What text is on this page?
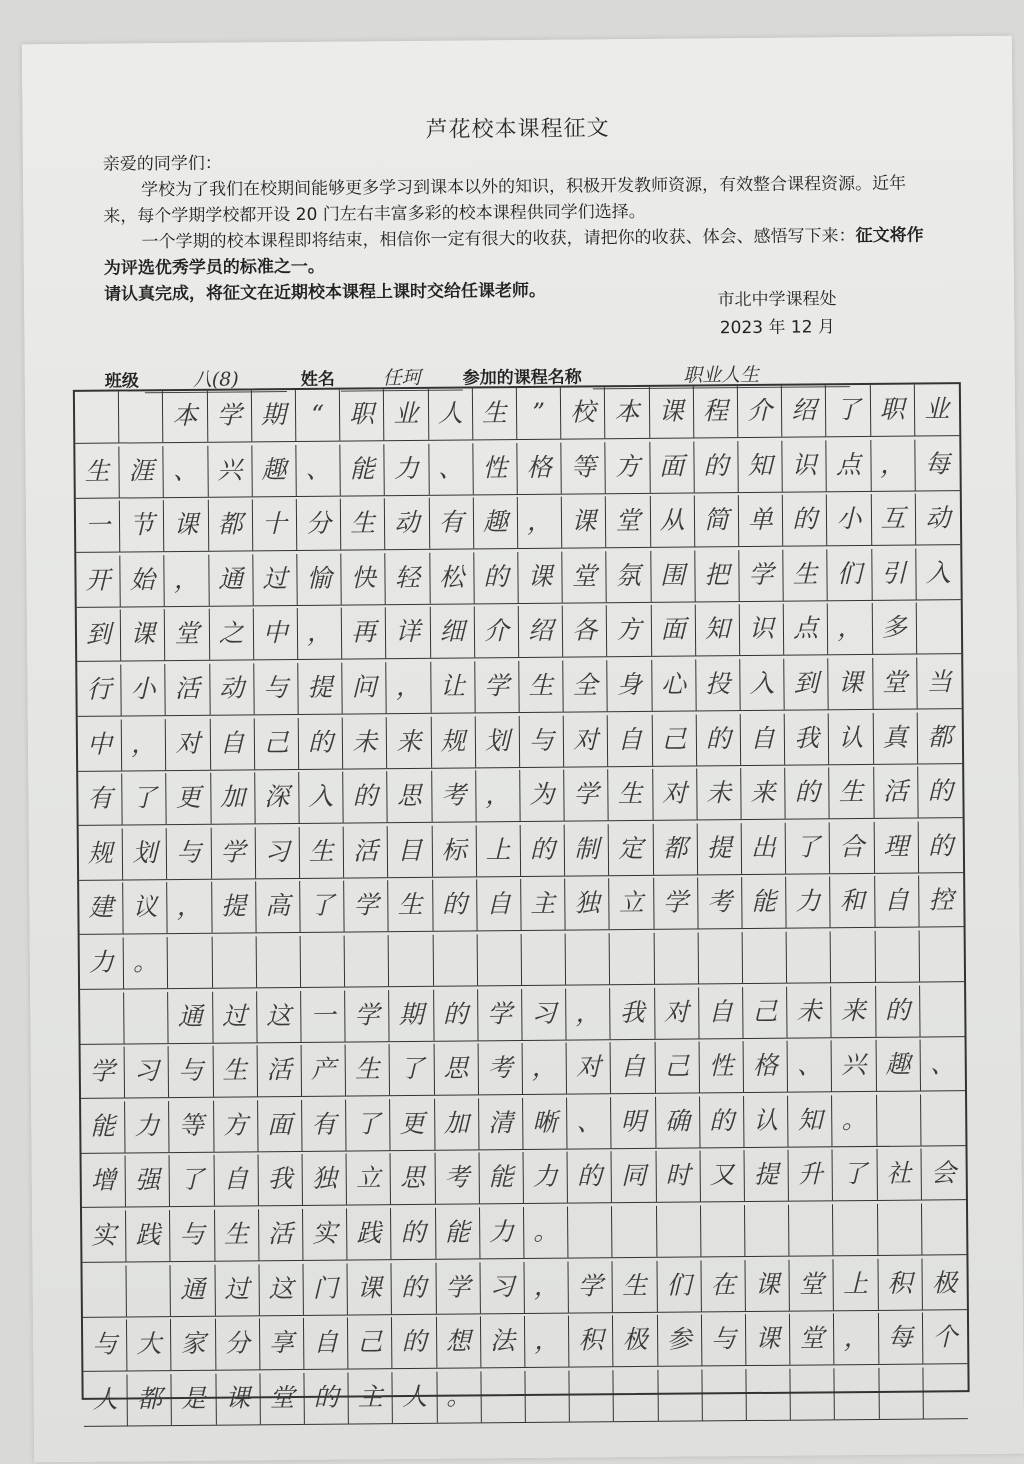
芦花校本课程征文

亲爱的同学们：

学校为了我们在校期间能够更多学习到课本以外的知识，积极开发教师资源，有效整合课程资源。近年来，每个学期学校都开设 20 门左右丰富多彩的校本课程供同学们选择。

一个学期的校本课程即将结束，相信你一定有很大的收获，请把你的收获、体会、感悟写下来：征文将作为评选优秀学员的标准之一。

请认真完成，将征文在近期校本课程上课时交给任课老师。	市北中学课程处
2023 年 12 月
班级	八(8)	姓名	任珂	参加的课程名称	职业人生
本 学 期	“	职 业 人 生	”	校 本 课 程 介 绍 了 职 业
生 涯 、 兴 趣 、 能 力 、 性 格 等 方 面 的 知 识 点 ， 每
一 节 课 都 十 分 生 动 有 趣 ， 课 堂 从 简 单 的 小 互 动
开 始 ， 通 过 愉 快 轻 松 的 课 堂 氛 围 把 学 生 们 引 入
到 课 堂 之 中 ， 再 详 细 介 绍 各 方 面 知 识 点 ， 多
行 小 活 动 与 提 问 ， 让 学 生 全 身 心 投 入 到 课 堂 当
中 ， 对 自 己 的 未 来 规 划 与 对 自 己 的 自 我 认 真 都
有 了 更 加 深 入 的 思 考 ， 为 学 生 对 未 来 的 生 活 的
规 划 与 学 习 生 活 目 标 上 的 制 定 都 提 出 了 合 理 的
建 议 ， 提 高 了 学 生 的 自 主 独 立 学 考 能 力 和 自 控
力 。
通 过 这 一 学 期 的 学 习 ， 我 对 自 己 未 来 的
学 习 与 生 活 产 生 了 思 考 ， 对 自 己 性 格 、 兴 趣 、
能 力 等 方 面 有 了 更 加 清 晰 、 明 确 的 认 知 。
增 强 了 自 我 独 立 思 考 能 力 的 同 时 又 提 升 了 社 会
实 践 与 生 活 实 践 的 能 力 。
通 过 这 门 课 的 学 习 ， 学 生 们 在 课 堂 上 积 极
与 大 家 分 享 自 己 的 想 法 ， 积 极 参 与 课 堂 ， 每 个
人 都 是 课 堂 的 主 人 。
